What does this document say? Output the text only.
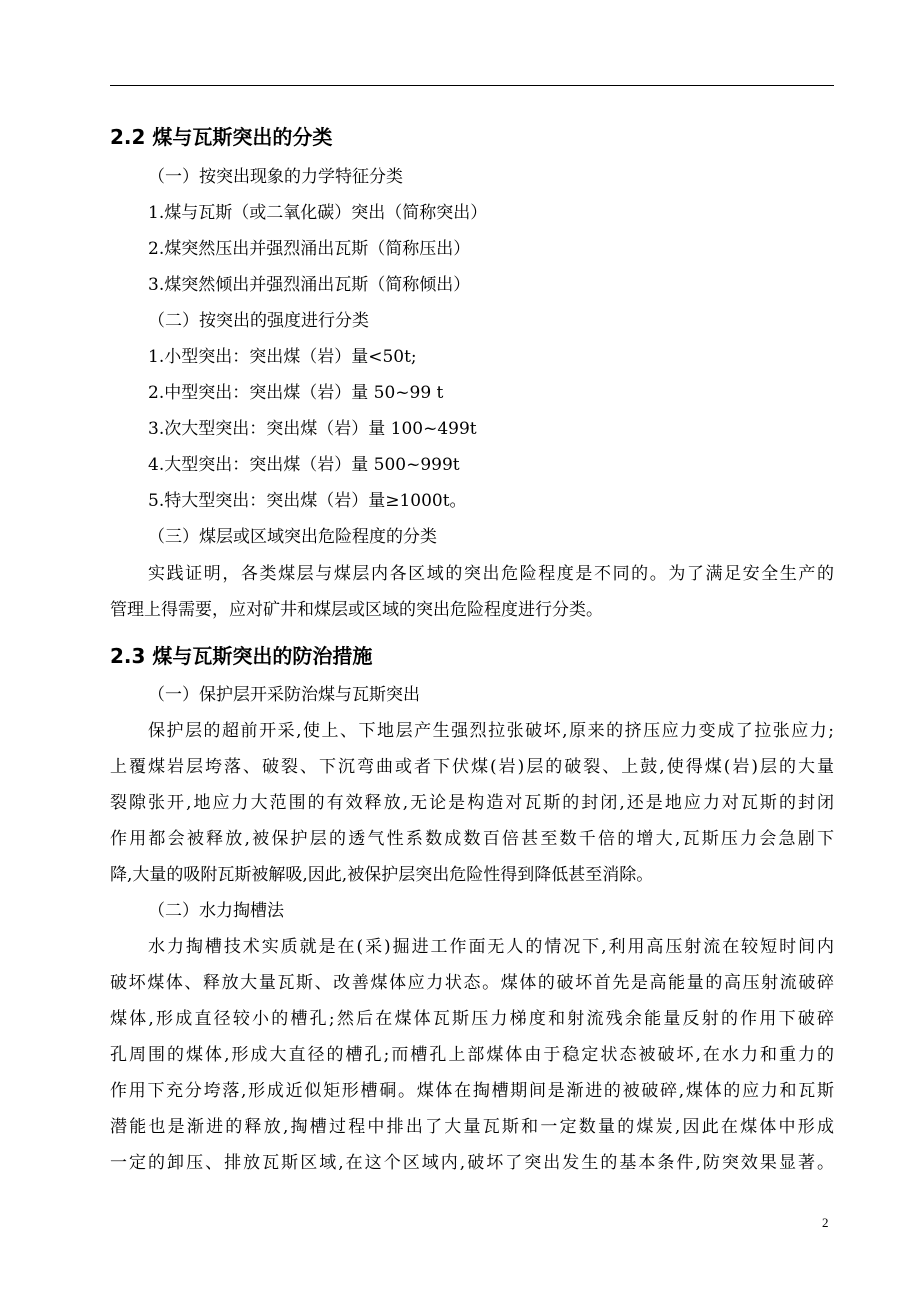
2.2 煤与瓦斯突出的分类
（一）按突出现象的力学特征分类
1.煤与瓦斯（或二氧化碳）突出（简称突出）
2.煤突然压出并强烈涌出瓦斯（简称压出）
3.煤突然倾出并强烈涌出瓦斯（简称倾出）
（二）按突出的强度进行分类
1.小型突出：突出煤（岩）量<50t;
2.中型突出：突出煤（岩）量 50~99 t
3.次大型突出：突出煤（岩）量 100~499t
4.大型突出：突出煤（岩）量 500~999t
5.特大型突出：突出煤（岩）量≥1000t。
（三）煤层或区域突出危险程度的分类
实践证明，各类煤层与煤层内各区域的突出危险程度是不同的。为了满足安全生产的
管理上得需要，应对矿井和煤层或区域的突出危险程度进行分类。
2.3 煤与瓦斯突出的防治措施
（一）保护层开采防治煤与瓦斯突出
保护层的超前开采,使上、下地层产生强烈拉张破坏,原来的挤压应力变成了拉张应力;
上覆煤岩层垮落、破裂、下沉弯曲或者下伏煤(岩)层的破裂、上鼓,使得煤(岩)层的大量
裂隙张开,地应力大范围的有效释放,无论是构造对瓦斯的封闭,还是地应力对瓦斯的封闭
作用都会被释放,被保护层的透气性系数成数百倍甚至数千倍的增大,瓦斯压力会急剧下
降,大量的吸附瓦斯被解吸,因此,被保护层突出危险性得到降低甚至消除。
（二）水力掏槽法
水力掏槽技术实质就是在(采)掘进工作面无人的情况下,利用高压射流在较短时间内
破坏煤体、释放大量瓦斯、改善煤体应力状态。煤体的破坏首先是高能量的高压射流破碎
煤体,形成直径较小的槽孔;然后在煤体瓦斯压力梯度和射流残余能量反射的作用下破碎
孔周围的煤体,形成大直径的槽孔;而槽孔上部煤体由于稳定状态被破坏,在水力和重力的
作用下充分垮落,形成近似矩形槽硐。煤体在掏槽期间是渐进的被破碎,煤体的应力和瓦斯
潜能也是渐进的释放,掏槽过程中排出了大量瓦斯和一定数量的煤炭,因此在煤体中形成
一定的卸压、排放瓦斯区域,在这个区域内,破坏了突出发生的基本条件,防突效果显著。
2
